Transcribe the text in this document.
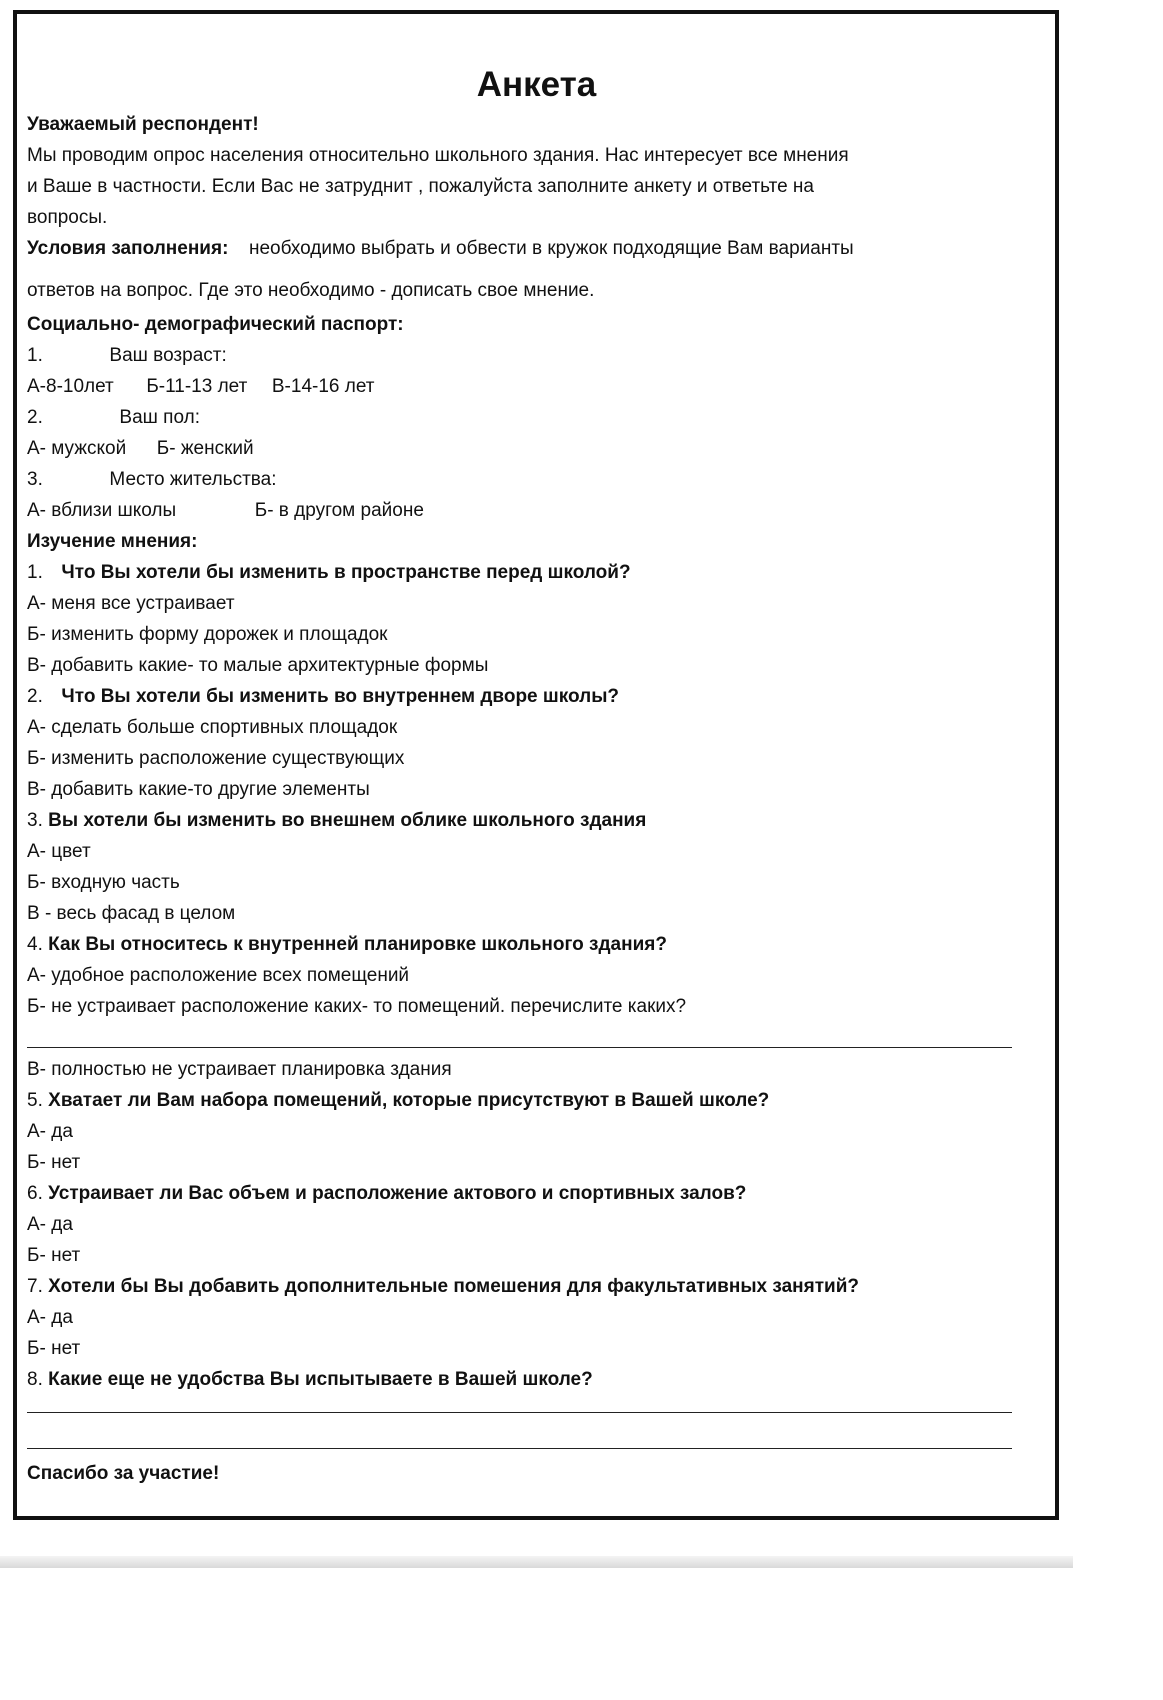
Анкета
Уважаемый респондент!
Мы проводим опрос населения относительно школьного здания. Нас интересует все мнения
и Ваше в частности. Если Вас не затруднит , пожалуйста заполните анкету и ответьте на
вопросы.
Условия заполнения: необходимо выбрать и обвести в кружок подходящие Вам варианты
ответов на вопрос. Где это необходимо - дописать свое мнение.
Социально- демографический паспорт:
1.	Ваш возраст:
А-8-10лет Б-11-13 лет В-14-16 лет
2.	Ваш пол:
А- мужской Б- женский
3.	Место жительства:
А- вблизи школы	Б- в другом районе
Изучение мнения:
1. Что Вы хотели бы изменить в пространстве перед школой?
А- меня все устраивает
Б- изменить форму дорожек и площадок
В- добавить какие- то малые архитектурные формы
2. Что Вы хотели бы изменить во внутреннем дворе школы?
А- сделать больше спортивных площадок
Б- изменить расположение существующих
В- добавить какие-то другие элементы
3. Вы хотели бы изменить во внешнем облике школьного здания
А- цвет
Б- входную часть
В - весь фасад в целом
4. Как Вы относитесь к внутренней планировке школьного здания?
А- удобное расположение всех помещений
Б- не устраивает расположение каких- то помещений. перечислите каких?
В- полностью не устраивает планировка здания
5. Хватает ли Вам набора помещений, которые присутствуют в Вашей школе?
А- да
Б- нет
6. Устраивает ли Вас объем и расположение актового и спортивных залов?
А- да
Б- нет
7. Хотели бы Вы добавить дополнительные помешения для факультативных занятий?
А- да
Б- нет
8. Какие еще не удобства Вы испытываете в Вашей школе?
Спасибо за участие!
